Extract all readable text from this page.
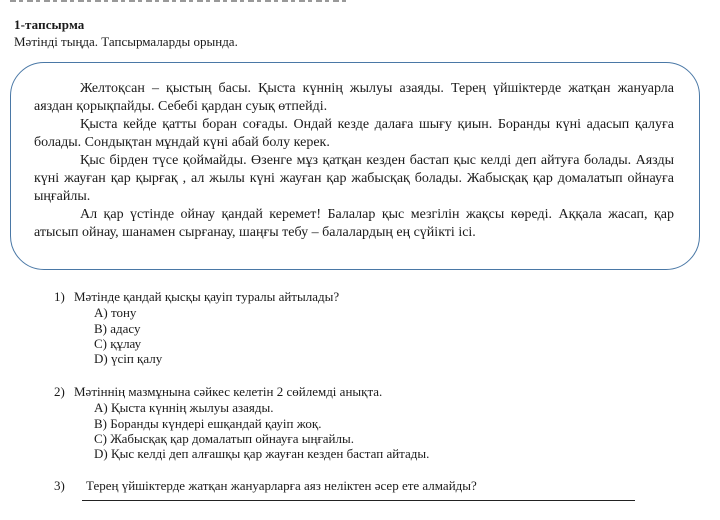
1-тапсырма
Мәтінді тыңда. Тапсырмаларды орында.

Желтоқсан – қыстың басы. Қыста күннің жылуы азаяды. Терең үйшіктерде жатқан жануарла аяздан қорықпайды. Себебі қардан суық өтпейді.

Қыста кейде қатты боран соғады. Ондай кезде далаға шығу қиын. Боранды күні адасып қалуға болады. Сондықтан мұндай күні абай болу керек.

Қыс бірден түсе қоймайды. Өзенге мұз қатқан кезден бастап қыс келді деп айтуға болады. Аязды күні жауған қар қырғақ , ал жылы күні жауған қар жабысқақ болады. Жабысқақ қар домалатып ойнауға ыңғайлы.

Ал қар үстінде ойнау қандай керемет! Балалар қыс мезгілін жақсы көреді. Аққала жасап, қар атысып ойнау, шанамен сырғанау, шаңғы тебу – балалардың ең сүйікті ісі.

1) Мәтінде қандай қысқы қауіп туралы айтылады?
А) тону
В) адасу
С) құлау
D) үсіп қалу
2) Мәтіннің мазмұнына сәйкес келетін 2 сөйлемді анықта.
А) Қыста күннің жылуы азаяды.
В) Боранды күндері ешқандай қауіп жоқ.
С) Жабысқақ қар домалатып ойнауға ыңғайлы.
D) Қыс келді деп алғашқы қар жауған кезден бастап айтады.
3) Терең үйшіктерде жатқан жануарларға аяз неліктен әсер ете алмайды?
